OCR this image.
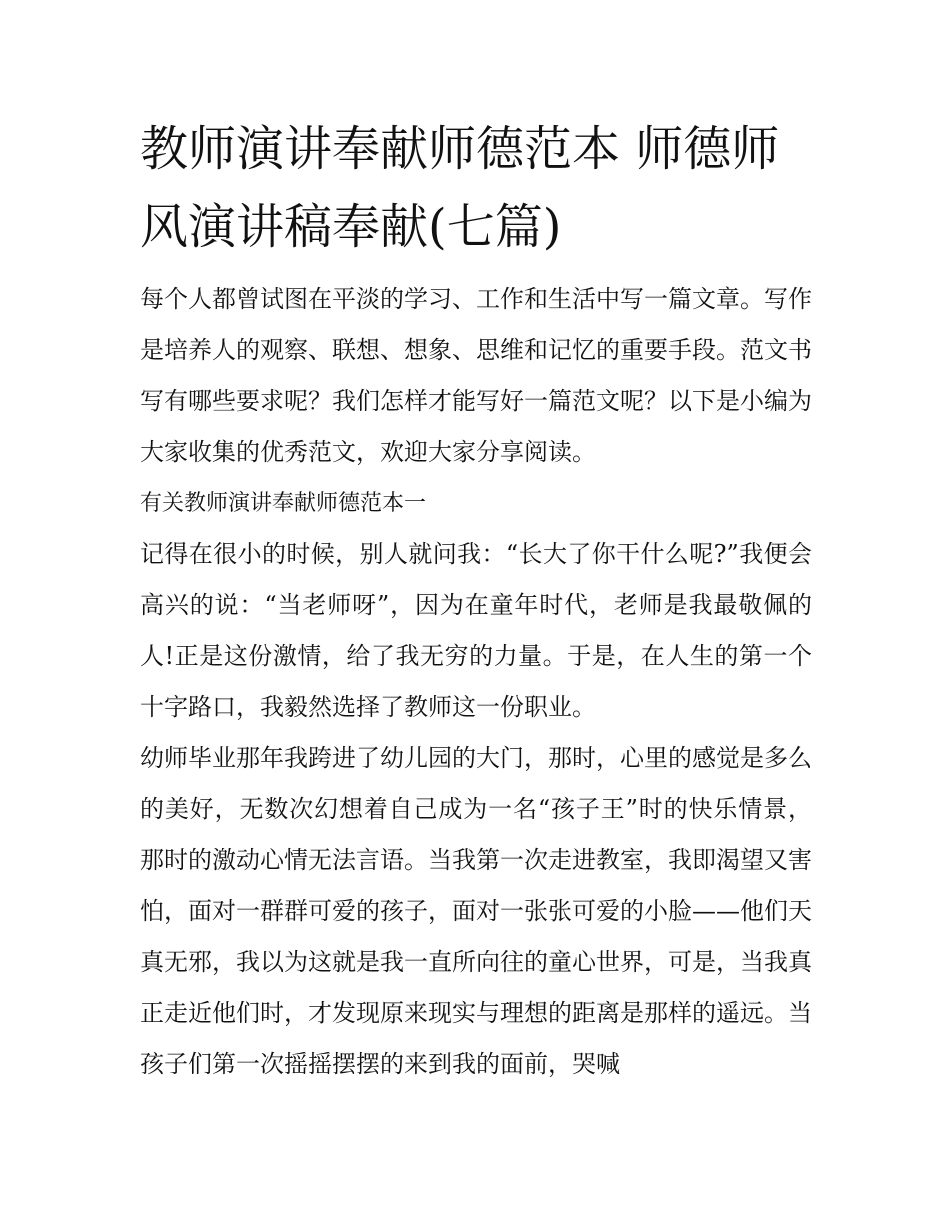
教师演讲奉献师德范本 师德师风演讲稿奉献(七篇)

每个人都曾试图在平淡的学习、工作和生活中写一篇文章。写作是培养人的观察、联想、想象、思维和记忆的重要手段。范文书写有哪些要求呢？我们怎样才能写好一篇范文呢？以下是小编为大家收集的优秀范文，欢迎大家分享阅读。

有关教师演讲奉献师德范本一

记得在很小的时候，别人就问我：“长大了你干什么呢?”我便会高兴的说：“当老师呀”，因为在童年时代，老师是我最敬佩的人!正是这份激情，给了我无穷的力量。于是，在人生的第一个十字路口，我毅然选择了教师这一份职业。

幼师毕业那年我跨进了幼儿园的大门，那时，心里的感觉是多么的美好，无数次幻想着自己成为一名“孩子王”时的快乐情景，那时的激动心情无法言语。当我第一次走进教室，我即渴望又害怕，面对一群群可爱的孩子，面对一张张可爱的小脸——他们天真无邪，我以为这就是我一直所向往的童心世界，可是，当我真正走近他们时，才发现原来现实与理想的距离是那样的遥远。当孩子们第一次摇摇摆摆的来到我的面前，哭喊
